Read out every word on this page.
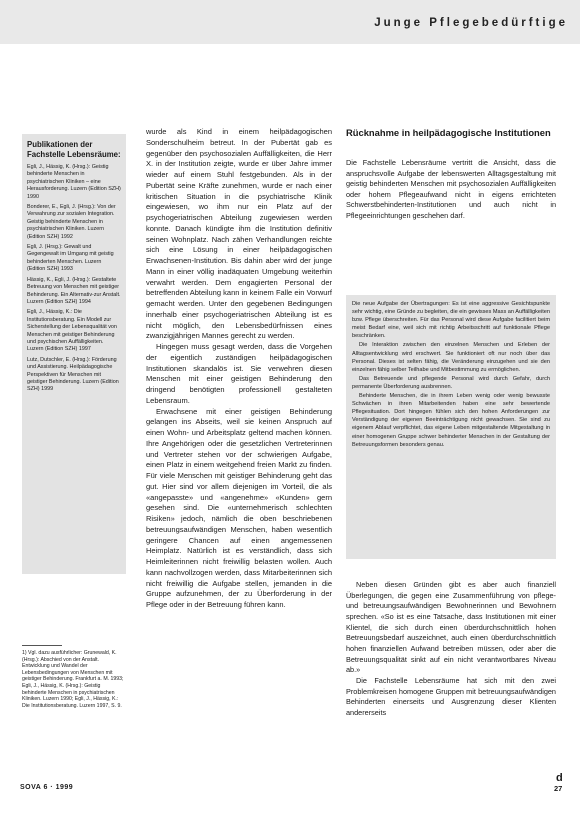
Junge Pflegebedürftige
Publikationen der Fachstelle Lebensräume:
Egli, J., Hässig, K. (Hrsg.): Geistig behinderte Menschen in psychiatrischen Kliniken – eine Herausforderung. Luzern (Edition SZH) 1990
Bonderer, E., Egli, J. (Hrsg.): Von der Verwahrung zur sozialen Integration. Geistig behinderte Menschen in psychiatrischen Kliniken. Luzern (Edition SZH) 1992
Egli, J. (Hrsg.): Gewalt und Gegengewalt im Umgang mit geistig behinderten Menschen. Luzern (Edition SZH) 1993
Hässig, K., Egli, J. (Hrsg.): Gestaltete Betreuung von Menschen mit geistiger Behinderung. Ein Alternativ-zur Anstalt. Luzern (Edition SZH) 1994
Egli, J., Hässig, K.: Die Institutionsberatung. Ein Modell zur Sicherstellung der Lebensqualität von Menschen mit geistiger Behinderung und psychischen Auffälligkeiten. Luzern (Edition SZH) 1997
Lutz, Dutschler, E. (Hrsg.): Förderung und Assistierung. Heilpädagogische Perspektiven für Menschen mit geistiger Behinderung. Luzern (Edition SZH) 1999
1) Vgl. dazu ausführlicher: Grunewald, K. (Hrsg.): Abschied von der Anstalt. Entwicklung und Wandel der Lebensbedingungen von Menschen mit geistiger Behinderung. Frankfurt a. M. 1993; Egli, J., Hässig, K. (Hrsg.): Geistig behinderte Menschen in psychiatrischen Kliniken. Luzern 1990; Egli, J., Hässig, K.: Die Institutionsberatung. Luzern 1997, S. 9.

wurde als Kind in einem heilpädagogischen Sonderschulheim betreut. In der Pubertät gab es gegenüber den psychosozialen Auffälligkeiten, die Herr X. in der Institution zeigte, wurde er über Jahre immer wieder auf einem Stuhl festgebunden. Als in der Pubertät seine Kräfte zunehmen, wurde er nach einer kritischen Situation in die psychiatrische Klinik eingewiesen, wo ihm nur ein Platz auf der psychogeriatrischen Abteilung zugewiesen werden konnte. Danach kündigte ihm die Institution definitiv seinen Wohnplatz. Nach zähen Verhandlungen reichte sich eine Lösung in einer heilpädagogischen Erwachsenen-Institution. Bis dahin aber wird der junge Mann in einer völlig inadäquaten Umgebung weiterhin verwahrt werden. Dem engagierten Personal der betreffenden Abteilung kann in keinem Falle ein Vorwurf gemacht werden. Unter den gegebenen Bedingungen innerhalb einer psychogeriatrischen Abteilung ist es nicht möglich, den Lebensbedürfnissen eines zwanzigjährigen Mannes gerecht zu werden.

Hingegen muss gesagt werden, dass die Vorgehen der eigentlich zuständigen heilpädagogischen Institutionen skandalös ist. Sie verwehren diesen Menschen mit einer geistigen Behinderung den dringend benötigten professionell gestalteten Lebensraum.

Erwachsene mit einer geistigen Behinderung gelangen ins Abseits, weil sie keinen Anspruch auf einen Wohn- und Arbeitsplatz geltend machen können. Ihre Angehörigen oder die gesetzlichen Vertreterinnen und Vertreter stehen vor der schwierigen Aufgabe, einen Platz in einem weitgehend freien Markt zu finden. Für viele Menschen mit geistiger Behinderung geht das gut. Hier sind vor allem diejenigen im Vorteil, die als «angepasste» und «angenehme» «Kunden» gern gesehen sind. Die «unternehmerisch schlechten Risiken» jedoch, nämlich die oben beschriebenen betreuungsaufwändigen Menschen, haben wesentlich geringere Chancen auf einen angemessenen Heimplatz. Natürlich ist es verständlich, dass sich Heimleiterinnen nicht freiwillig belasten wollen. Auch kann nachvollzogen werden, dass Mitarbeiterinnen sich nicht freiwillig die Aufgabe stellen, jemanden in die Gruppe aufzunehmen, der zu Überforderung in der Pflege oder in der Betreuung führen kann.

Rücknahme in heilpädagogische Institutionen

Die Fachstelle Lebensräume vertritt die Ansicht, dass die anspruchsvolle Aufgabe der lebenswerten Alltagsgestaltung mit geistig behinderten Menschen mit psychosozialen Auffälligkeiten oder hohem Pflegeaufwand nicht in eigens errichteten Schwerstbehinderten-Institutionen und auch nicht in Pflegeeinrichtungen geschehen darf.

Die neue Aufgabe der Übertragungen: Es ist eine aggressive Gesichtspunkte sehr wichtig, eine Gründe zu begleiten, die ein gewisses Mass an Auffälligkeiten bzw. Pflege überschreiten. Für das Personal wird diese Aufgabe facilitiert beim meist Bedarf eine, weil sich mit richtig Arbeitsschritt auf funktionale Pflege beschränken.

Die Interaktion zwischen den einzelnen Menschen und Erleben der Alltagsentwicklung wird erschwert. Sie funktioniert oft nur noch über das Personal. Dieses ist selten fähig, die Veränderung einzugehen und sie den einzelnen fähig selber Teilhabe und Mitbestimmung zu ermöglichen.

Das Betreuende und pflegende Personal wird durch Gefahr, durch permanente Überforderung ausbrennen.

Behinderte Menschen, die in ihrem Leben wenig oder wenig bewusste Schwächen in ihren Mitarbeitenden haben eine sehr bewertende Pflegesituation. Dort hingegen fühlen sich den hohen Anforderungen zur Verständigung der eigenen Beeinträchtigung nicht gewachsen. Sie sind zu eigenem Ablauf verpflichtet, das eigene Leben mitgestaltende Mitgestaltung in einer homogenen Gruppe schwer behinderter Menschen in der Gestaltung der Betreuungsformen besonders genau.

Neben diesen Gründen gibt es aber auch finanziell Überlegungen, die gegen eine Zusammenführung von pflege- und betreuungsaufwändigen Bewohnerinnen und Bewohnern sprechen. «So ist es eine Tatsache, dass Institutionen mit einer Klientel, die sich durch einen überdurchschnittlich hohen Betreuungsbedarf auszeichnet, auch einen überdurchschnittlich hohen finanziellen Aufwand betreiben müssen, oder aber die Betreuungsqualität sinkt auf ein nicht verantwortbares Niveau ab.»

Die Fachstelle Lebensräume hat sich mit den zwei Problemkreisen homogene Gruppen mit betreuungsaufwändigen Behinderten einerseits und Ausgrenzung dieser Klienten andererseits

d
SOVA 6 · 1999	27
